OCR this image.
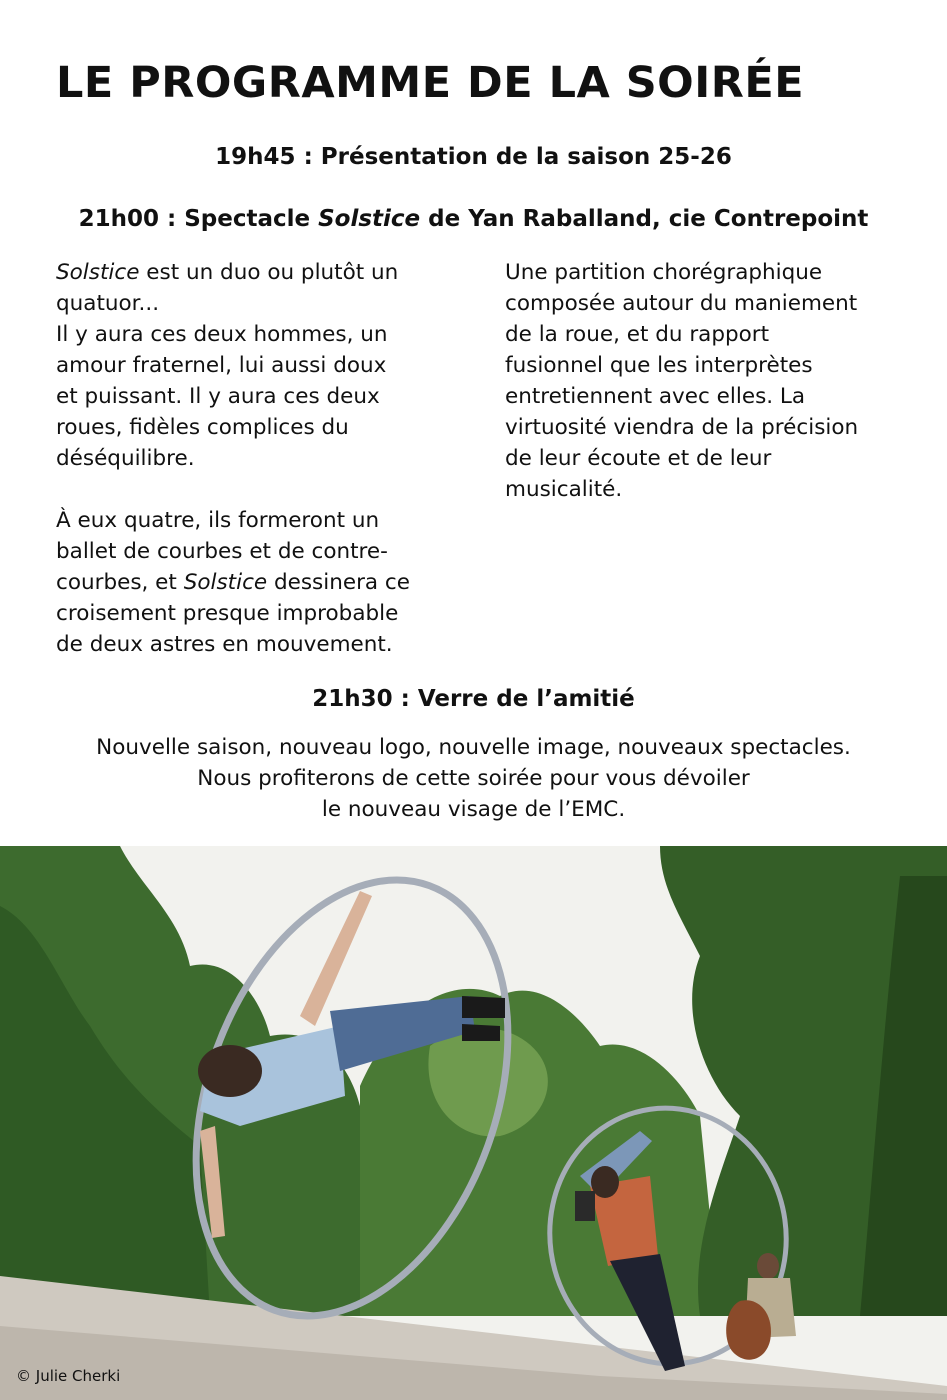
LE PROGRAMME DE LA SOIRÉE
19h45 : Présentation de la saison 25-26
21h00 : Spectacle Solstice de Yan Raballand, cie Contrepoint

Solstice est un duo ou plutôt un
quatuor...
Il y aura ces deux hommes, un
amour fraternel, lui aussi doux
et puissant. Il y aura ces deux
roues, fidèles complices du
déséquilibre.

À eux quatre, ils formeront un
ballet de courbes et de contre-
courbes, et Solstice dessinera ce
croisement presque improbable
de deux astres en mouvement.

Une partition chorégraphique
composée autour du maniement
de la roue, et du rapport
fusionnel que les interprètes
entretiennent avec elles. La
virtuosité viendra de la précision
de leur écoute et de leur
musicalité.

21h30 : Verre de l’amitié
Nouvelle saison, nouveau logo, nouvelle image, nouveaux spectacles.
Nous profiterons de cette soirée pour vous dévoiler
le nouveau visage de l’EMC.
© Julie Cherki
